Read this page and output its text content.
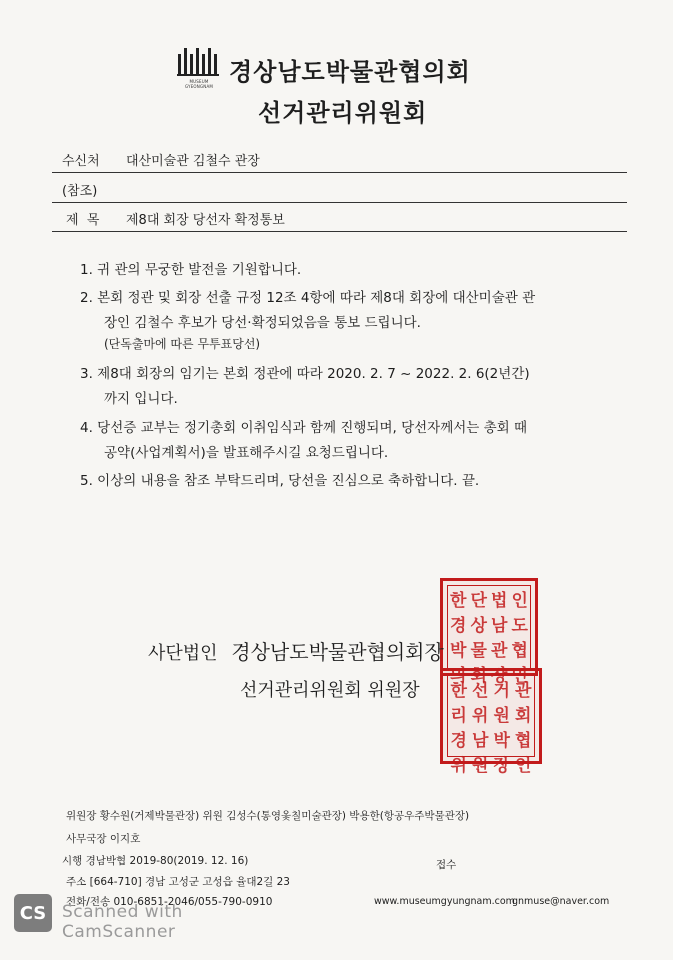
MUSEUM GYEONGNAM
경상남도박물관협의회
선거관리위원회
수신처 대산미술관 김철수 관장
(참조)
제  목 제8대 회장 당선자 확정통보
1. 귀 관의 무궁한 발전을 기원합니다.
2. 본회 정관 및 회장 선출 규정 12조 4항에 따라 제8대 회장에 대산미술관 관
장인 김철수 후보가 당선·확정되었음을 통보 드립니다.
(단독출마에 따른 무투표당선)
3. 제8대 회장의 임기는 본회 정관에 따라 2020. 2. 7 ~ 2022. 2. 6(2년간)
까지 입니다.
4. 당선증 교부는 정기총회 이취임식과 함께 진행되며, 당선자께서는 총회 때
공약(사업계획서)을 발표해주시길 요청드립니다.
5. 이상의 내용을 참조 부탁드리며, 당선을 진심으로 축하합니다. 끝.
한 단 법 인
경 상 남 도
박 물 관 협
의 회 장 인
한 선 거 관
리 위 원 회
경 남 박 협
위 원 장 인
사단법인 경상남도박물관협의회장
선거관리위원회 위원장
위원장 황수원(거제박물관장) 위원 김성수(통영옻칠미술관장) 박용한(항공우주박물관장)
사무국장 이지호
시행 경남박협 2019-80(2019. 12. 16)	접수
주소 [664-710] 경남 고성군 고성읍 율대2길 23
전화/전송 010-6851-2046/055-790-0910	www.museumgyungnam.com
gnmuse@naver.com
CS Scanned with
CamScanner
